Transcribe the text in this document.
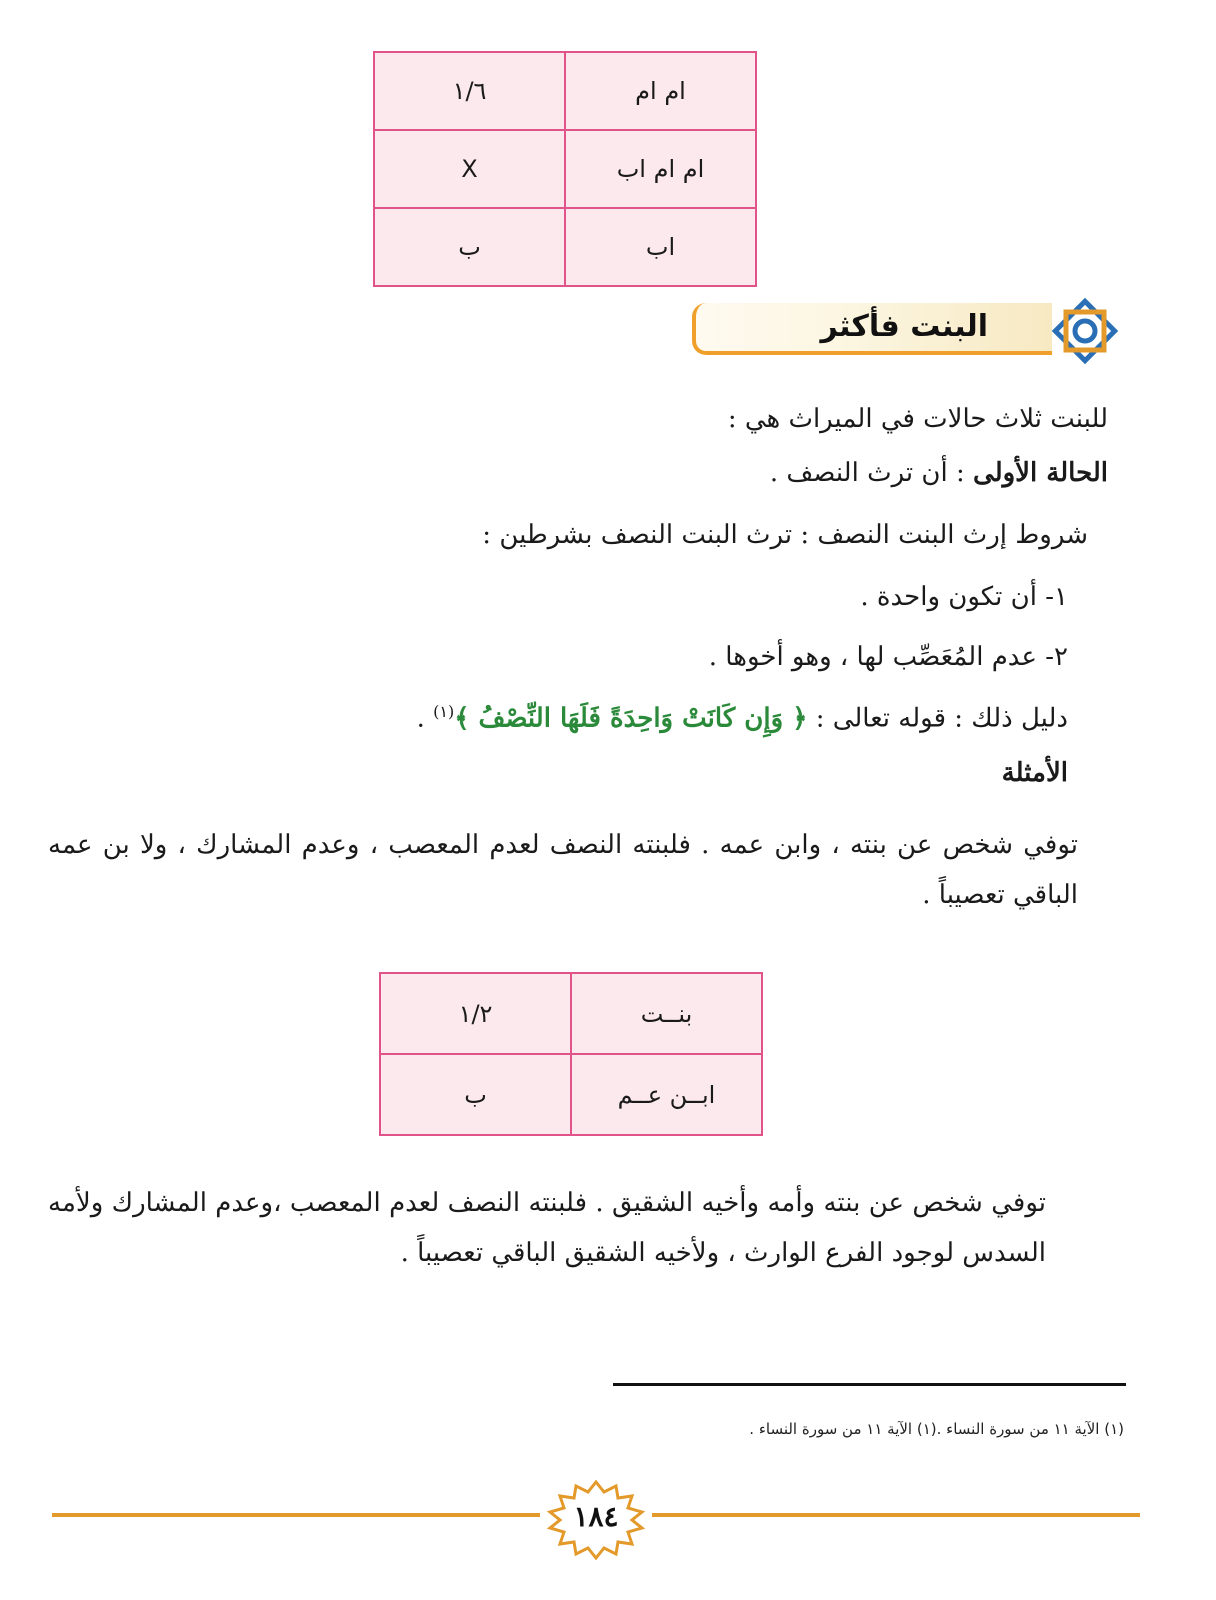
ام ام	١/٦
ام ام اب	X
اب	ب
البنت فأكثر
للبنت ثلاث حالات في الميراث هي :
الحالة الأولى : أن ترث النصف .
شروط إرث البنت النصف : ترث البنت النصف بشرطين :
١- أن تكون واحدة .
٢- عدم المُعَصِّب لها ، وهو أخوها .
دليل ذلك : قوله تعالى : ﴿ وَإِن كَانَتْ وَاحِدَةً فَلَهَا النِّصْفُ ﴾$^{(١)}$ .
الأمثلة
توفي شخص عن بنته ، وابن عمه . فلبنته النصف لعدم المعصب ، وعدم المشارك ، ولا بن عمه الباقي تعصيباً .
بنــت	١/٢
ابــن عــم	ب
توفي شخص عن بنته وأمه وأخيه الشقيق . فلبنته النصف لعدم المعصب ،وعدم المشارك ولأمه السدس لوجود الفرع الوارث ، ولأخيه الشقيق الباقي تعصيباً .
(١) الآية ١١ من سورة النساء .(١) الآية ١١ من سورة النساء .
١٨٤
